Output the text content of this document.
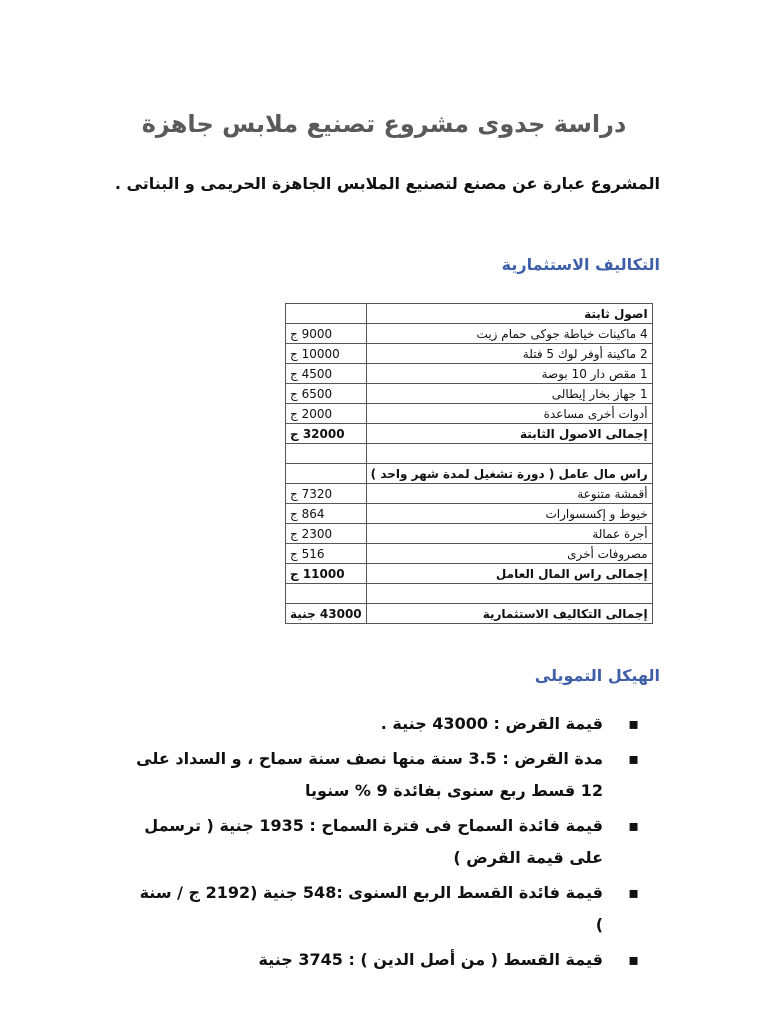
دراسة جدوى مشروع تصنيع ملابس جاهزة

المشروع عبارة عن مصنع لتصنيع الملابس الجاهزة الحريمى و البناتى .

التكاليف الاستثمارية
اصول ثابتة	
4 ماكينات خياطة جوكى حمام زيت	9000 ج
2 ماكينة أوفر لوك 5 فتلة	10000 ج
1 مقص دار 10 بوصة	4500 ج
1 جهاز بخار إيطالى	6500 ج
أدوات أخرى مساعدة	2000 ج
إجمالى الاصول الثابتة	32000 ج

راس مال عامل ( دورة تشغيل لمدة شهر واحد )	
أقمشة متنوعة	7320 ج
خيوط و إكسسوارات	864 ج
أجرة عمالة	2300 ج
مصروفات أخرى	516 ج
إجمالى راس المال العامل	11000 ج

إجمالى التكاليف الاستثمارية	43000 جنية
الهيكل التمويلى
▪
قيمة القرض : 43000 جنية .
▪
مدة القرض : 3.5 سنة منها نصف سنة سماح ، و السداد على 12 قسط ربع سنوى بفائدة 9 % سنويا
▪
قيمة فائدة السماح فى فترة السماح : 1935 جنية ( ترسمل على قيمة القرض )
▪
قيمة فائدة القسط الربع السنوى :548 جنية (2192 ج / سنة )
▪
قيمة القسط ( من أصل الدين ) : 3745 جنية
